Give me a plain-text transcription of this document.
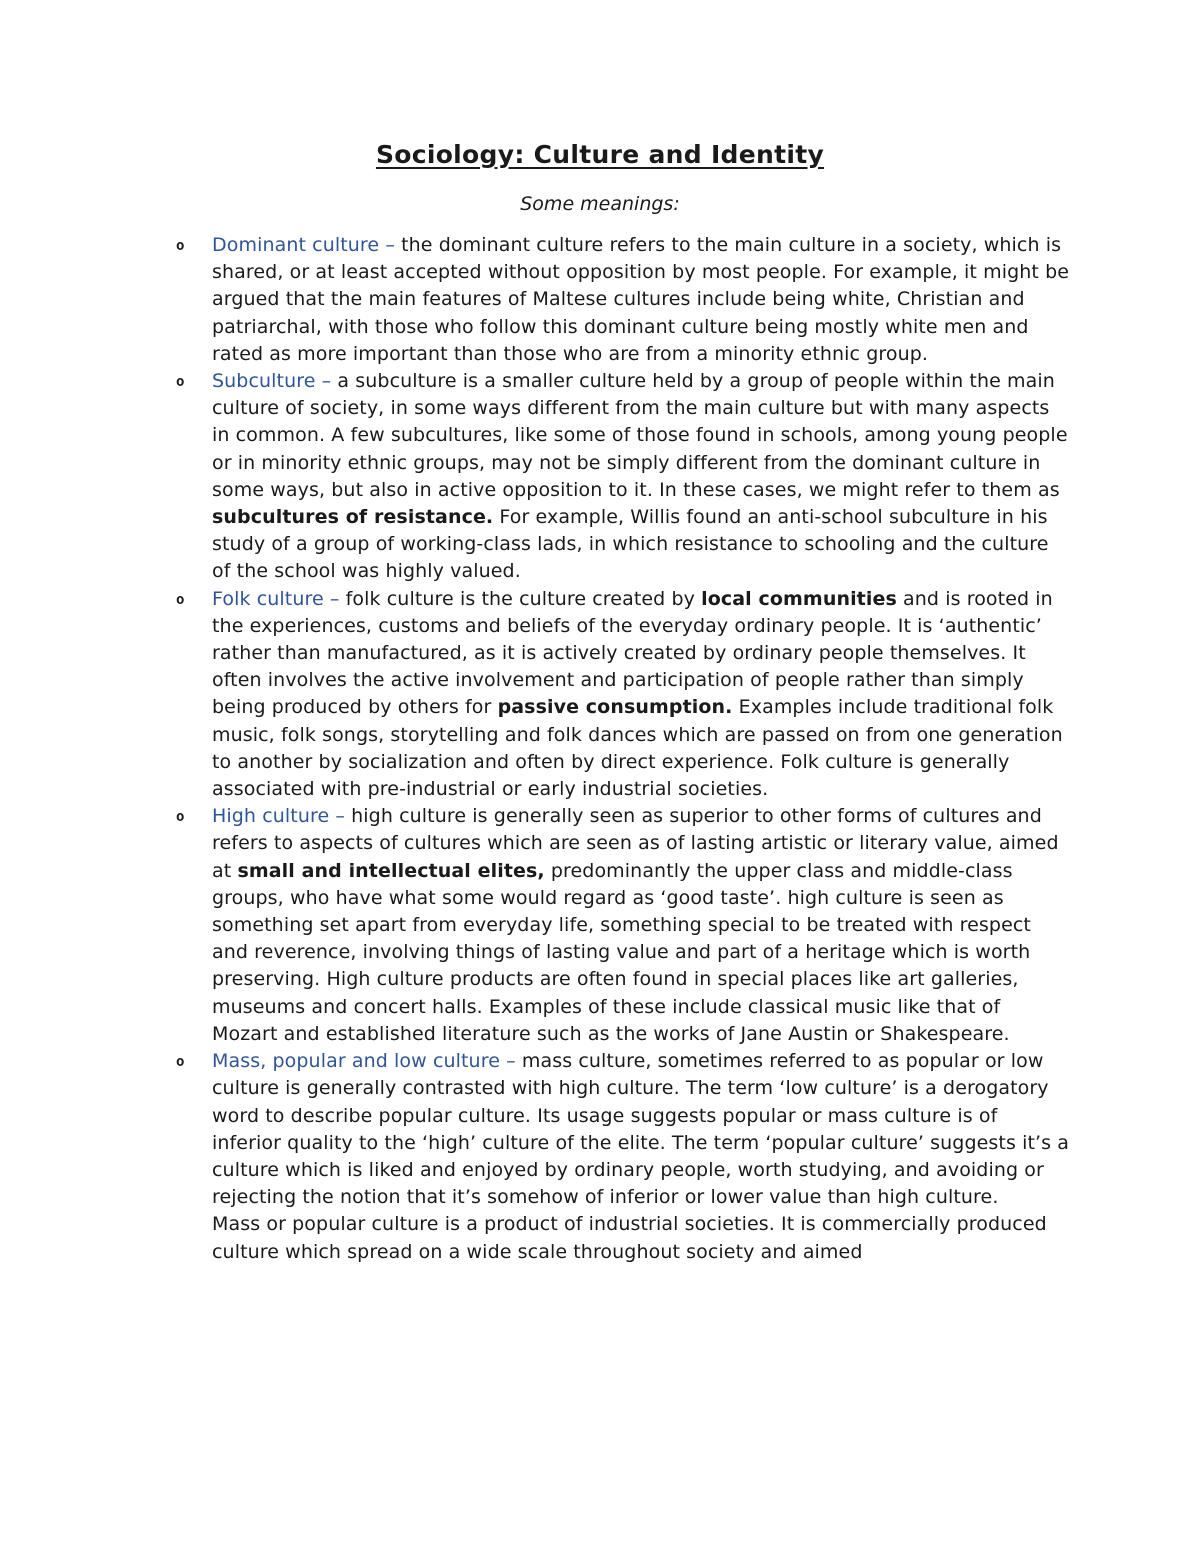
Sociology: Culture and Identity

Some meanings:

o Dominant culture – the dominant culture refers to the main culture in a society, which is shared, or at least accepted without opposition by most people. For example, it might be argued that the main features of Maltese cultures include being white, Christian and patriarchal, with those who follow this dominant culture being mostly white men and rated as more important than those who are from a minority ethnic group.
o Subculture – a subculture is a smaller culture held by a group of people within the main culture of society, in some ways different from the main culture but with many aspects in common. A few subcultures, like some of those found in schools, among young people or in minority ethnic groups, may not be simply different from the dominant culture in some ways, but also in active opposition to it. In these cases, we might refer to them as subcultures of resistance. For example, Willis found an anti-school subculture in his study of a group of working-class lads, in which resistance to schooling and the culture of the school was highly valued.
o Folk culture – folk culture is the culture created by local communities and is rooted in the experiences, customs and beliefs of the everyday ordinary people. It is ‘authentic’ rather than manufactured, as it is actively created by ordinary people themselves. It often involves the active involvement and participation of people rather than simply being produced by others for passive consumption. Examples include traditional folk music, folk songs, storytelling and folk dances which are passed on from one generation to another by socialization and often by direct experience. Folk culture is generally associated with pre-industrial or early industrial societies.
o High culture – high culture is generally seen as superior to other forms of cultures and refers to aspects of cultures which are seen as of lasting artistic or literary value, aimed at small and intellectual elites, predominantly the upper class and middle-class groups, who have what some would regard as ‘good taste’. high culture is seen as something set apart from everyday life, something special to be treated with respect and reverence, involving things of lasting value and part of a heritage which is worth preserving. High culture products are often found in special places like art galleries, museums and concert halls. Examples of these include classical music like that of Mozart and established literature such as the works of Jane Austin or Shakespeare.
o Mass, popular and low culture – mass culture, sometimes referred to as popular or low culture is generally contrasted with high culture. The term ‘low culture’ is a derogatory word to describe popular culture. Its usage suggests popular or mass culture is of inferior quality to the ‘high’ culture of the elite. The term ‘popular culture’ suggests it’s a culture which is liked and enjoyed by ordinary people, worth studying, and avoiding or rejecting the notion that it’s somehow of inferior or lower value than high culture.
Mass or popular culture is a product of industrial societies. It is commercially produced culture which spread on a wide scale throughout society and aimed
